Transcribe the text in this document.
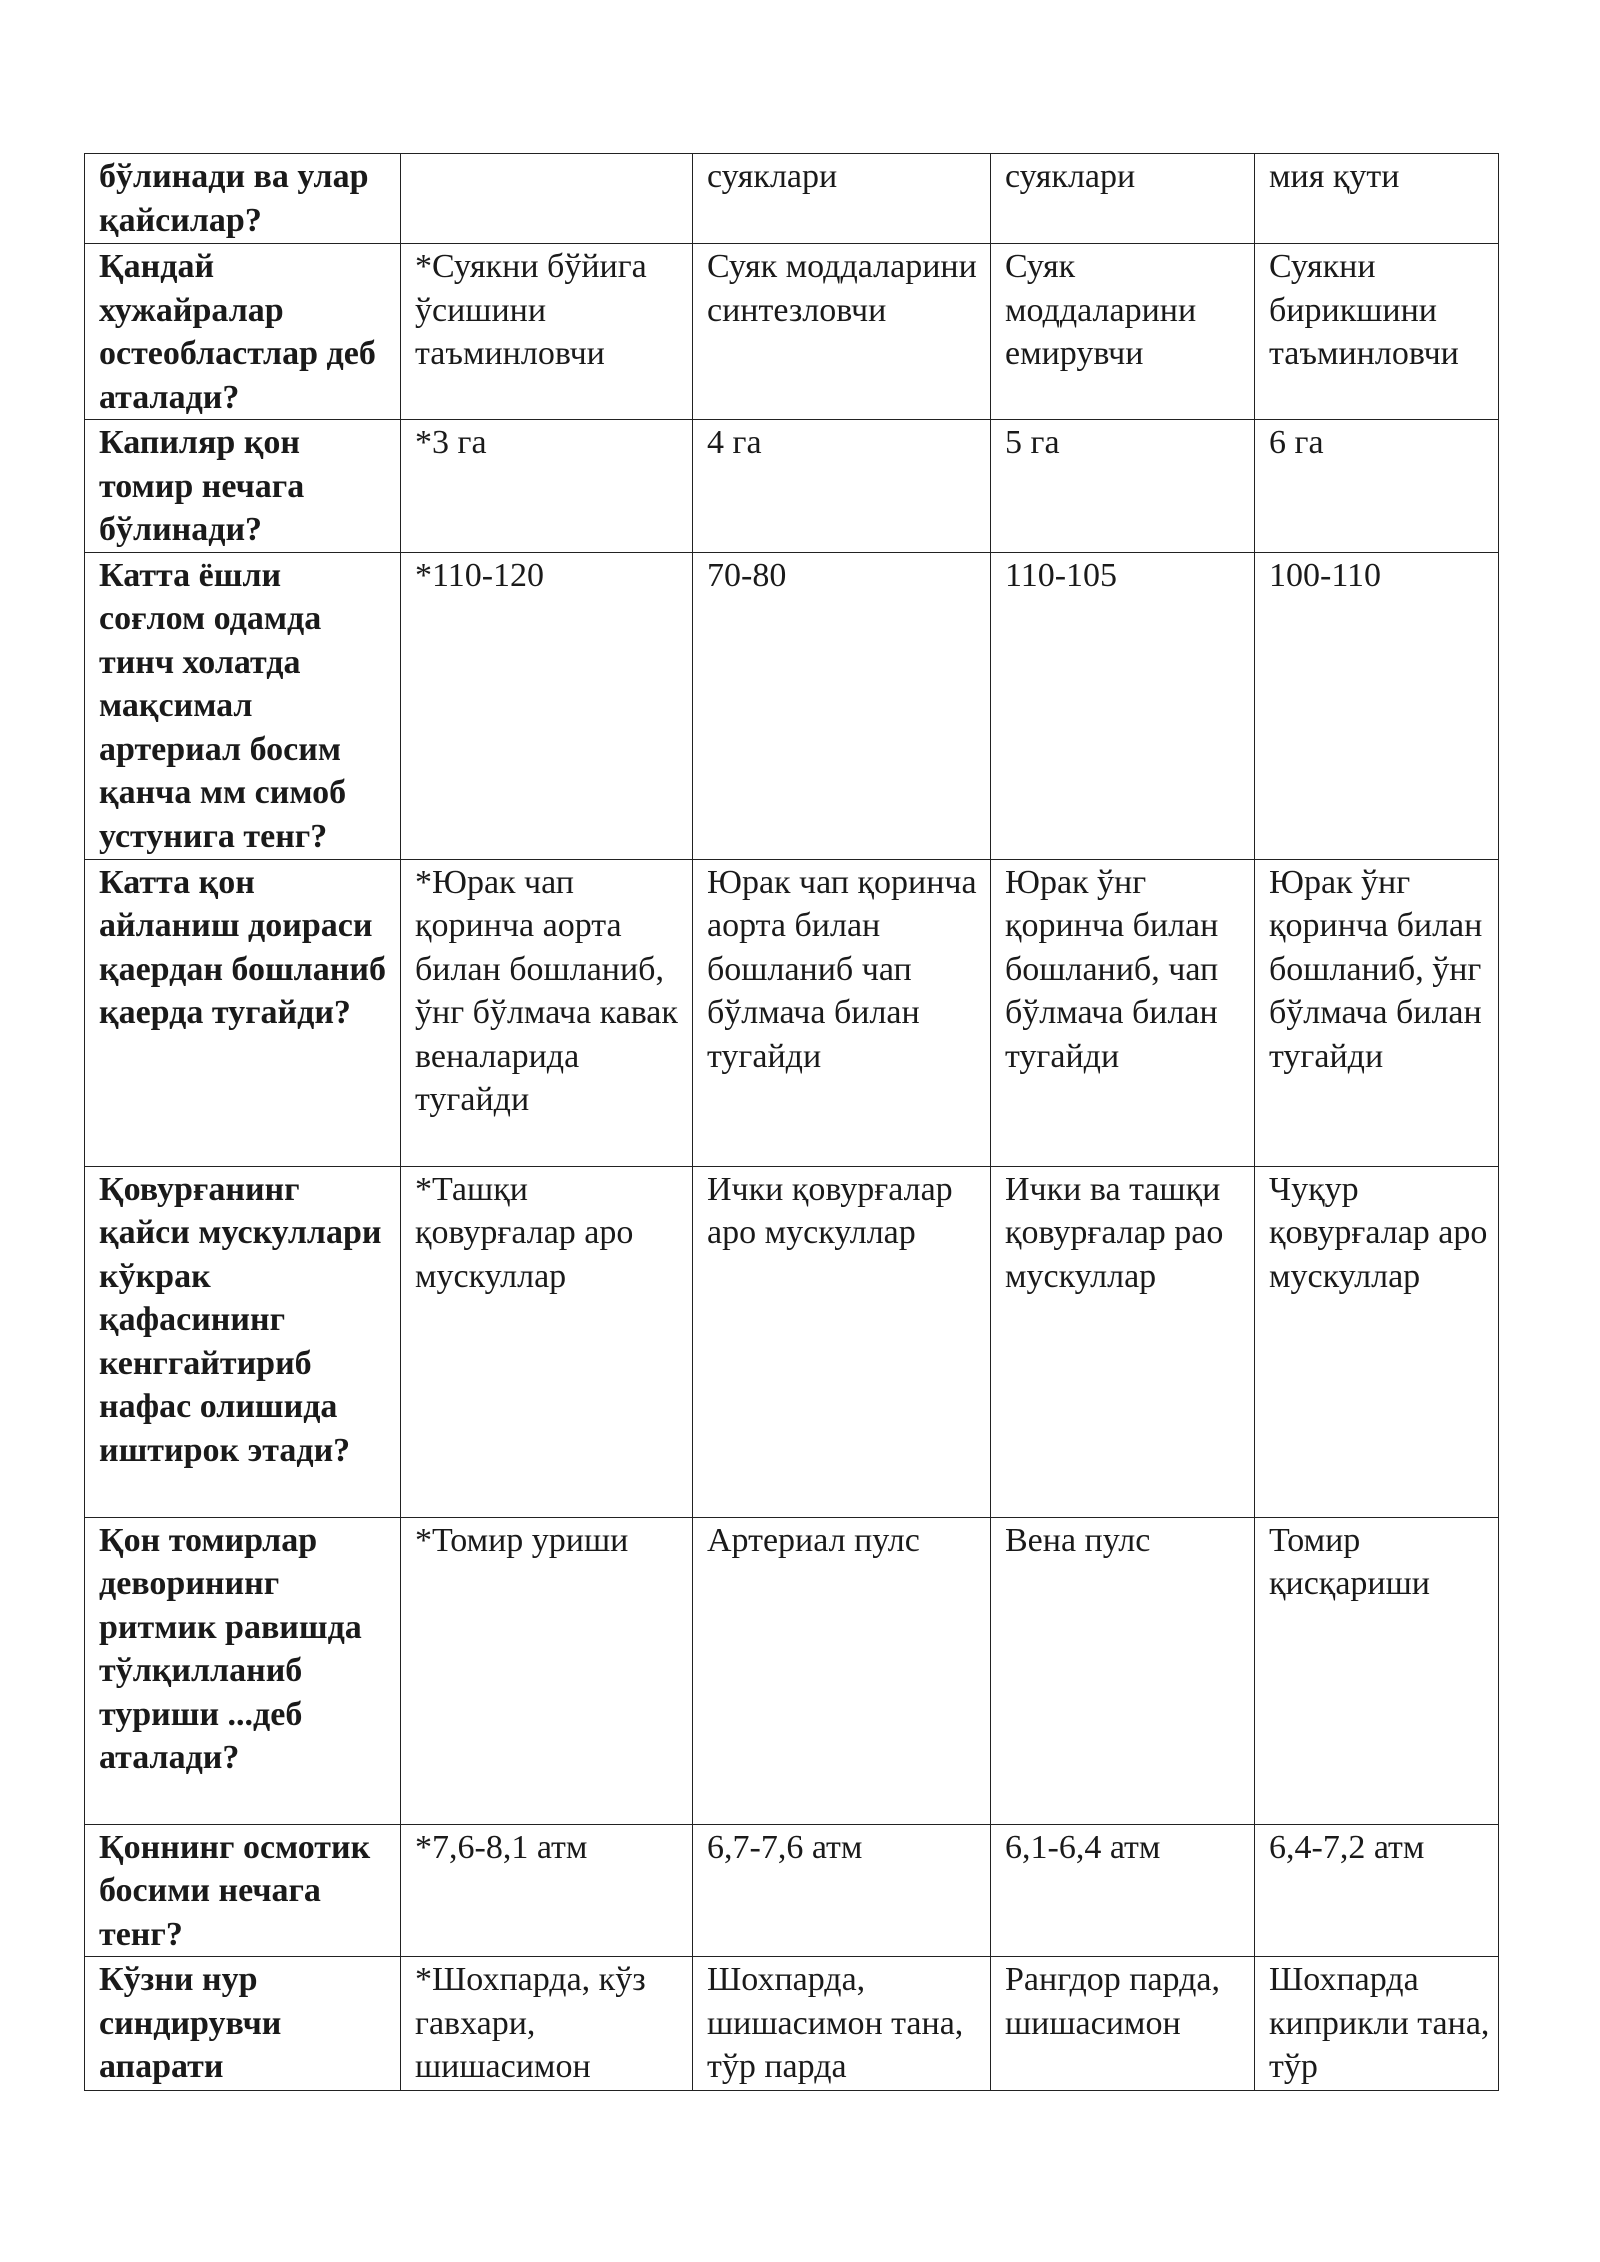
бўлинади ва улар қайсилар?		суяклари	суяклари	мия қути
Қандай хужайралар остеобластлар деб аталади?	*Суякни бўйига ўсишини таъминловчи	Суяк моддаларини синтезловчи	Суяк моддаларини емирувчи	Суякни бирикшини таъминловчи
Капиляр қон томир нечага бўлинади?	*3 га	4 га	5 га	6 га
Катта ёшли соғлом одамда тинч холатда мақсимал артериал босим қанча мм симоб устунига тенг?	*110-120	70-80	110-105	100-110
Катта қон айланиш доираси қаердан бошланиб қаерда тугайди?	*Юрак чап қоринча аорта билан бошланиб, ўнг бўлмача кавак веналарида тугайди	Юрак чап қоринча аорта билан бошланиб чап бўлмача билан тугайди	Юрак ўнг қоринча билан бошланиб, чап бўлмача билан тугайди	Юрак ўнг қоринча билан бошланиб, ўнг бўлмача билан тугайди
Қовурғанинг қайси мускуллари кўкрак қафасининг кенггайтириб нафас олишида иштирок этади?	*Ташқи қовурғалар аро мускуллар	Ички қовурғалар аро мускуллар	Ички ва ташқи қовурғалар рао мускуллар	Чуқур қовурғалар аро мускуллар
Қон томирлар деворининг ритмик равишда тўлқилланиб туриши ...деб аталади?	*Томир уриши	Артериал пулс	Вена пулс	Томир қисқариши
Қоннинг осмотик босими нечага тенг?	*7,6-8,1 атм	6,7-7,6 атм	6,1-6,4 атм	6,4-7,2 атм
Кўзни нур синдирувчи апарати	*Шохпарда, кўз гавхари, шишасимон	Шохпарда, шишасимон тана, тўр парда	Рангдор парда, шишасимон	Шохпарда киприкли тана, тўр
